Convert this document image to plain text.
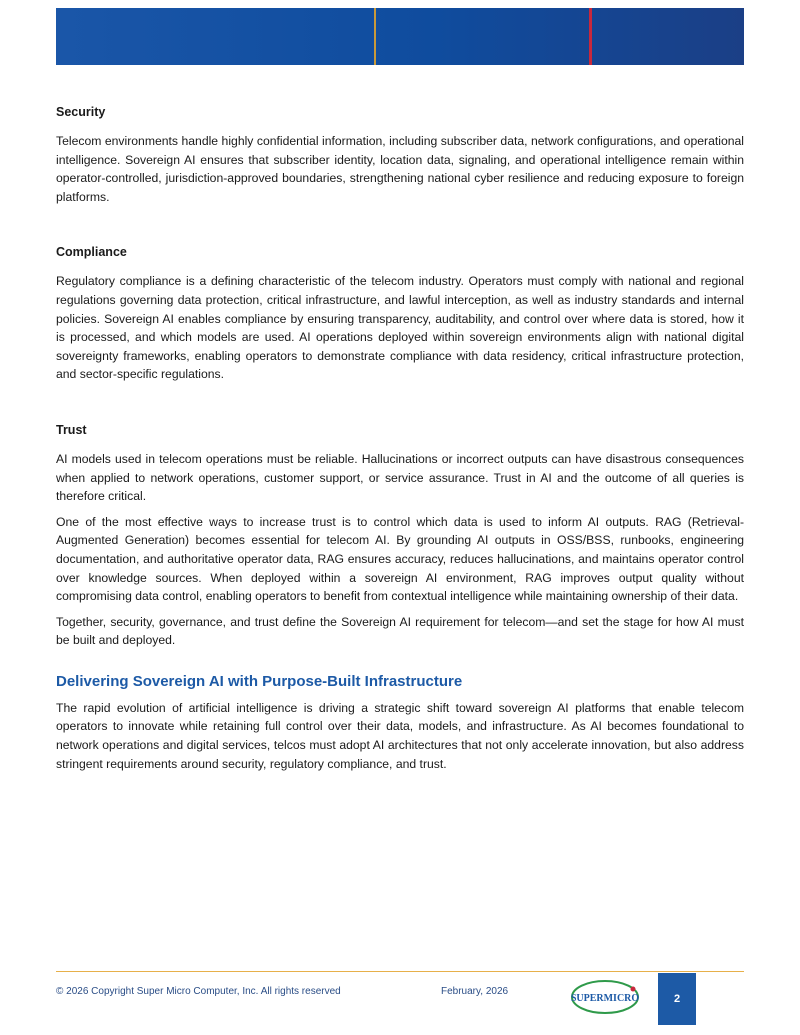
Security

Telecom environments handle highly confidential information, including subscriber data, network configurations, and operational intelligence. Sovereign AI ensures that subscriber identity, location data, signaling, and operational intelligence remain within operator-controlled, jurisdiction-approved boundaries, strengthening national cyber resilience and reducing exposure to foreign platforms.

Compliance

Regulatory compliance is a defining characteristic of the telecom industry. Operators must comply with national and regional regulations governing data protection, critical infrastructure, and lawful interception, as well as industry standards and internal policies. Sovereign AI enables compliance by ensuring transparency, auditability, and control over where data is stored, how it is processed, and which models are used. AI operations deployed within sovereign environments align with national digital sovereignty frameworks, enabling operators to demonstrate compliance with data residency, critical infrastructure protection, and sector-specific regulations.

Trust

AI models used in telecom operations must be reliable. Hallucinations or incorrect outputs can have disastrous consequences when applied to network operations, customer support, or service assurance. Trust in AI and the outcome of all queries is therefore critical.

One of the most effective ways to increase trust is to control which data is used to inform AI outputs. RAG (Retrieval-Augmented Generation) becomes essential for telecom AI. By grounding AI outputs in OSS/BSS, runbooks, engineering documentation, and authoritative operator data, RAG ensures accuracy, reduces hallucinations, and maintains operator control over knowledge sources. When deployed within a sovereign AI environment, RAG improves output quality without compromising data control, enabling operators to benefit from contextual intelligence while maintaining ownership of their data.

Together, security, governance, and trust define the Sovereign AI requirement for telecom—and set the stage for how AI must be built and deployed.

Delivering Sovereign AI with Purpose-Built Infrastructure

The rapid evolution of artificial intelligence is driving a strategic shift toward sovereign AI platforms that enable telecom operators to innovate while retaining full control over their data, models, and infrastructure. As AI becomes foundational to network operations and digital services, telcos must adopt AI architectures that not only accelerate innovation, but also address stringent requirements around security, regulatory compliance, and trust.

© 2026 Copyright Super Micro Computer, Inc. All rights reserved	February, 2026
SUPERMICRO	2
